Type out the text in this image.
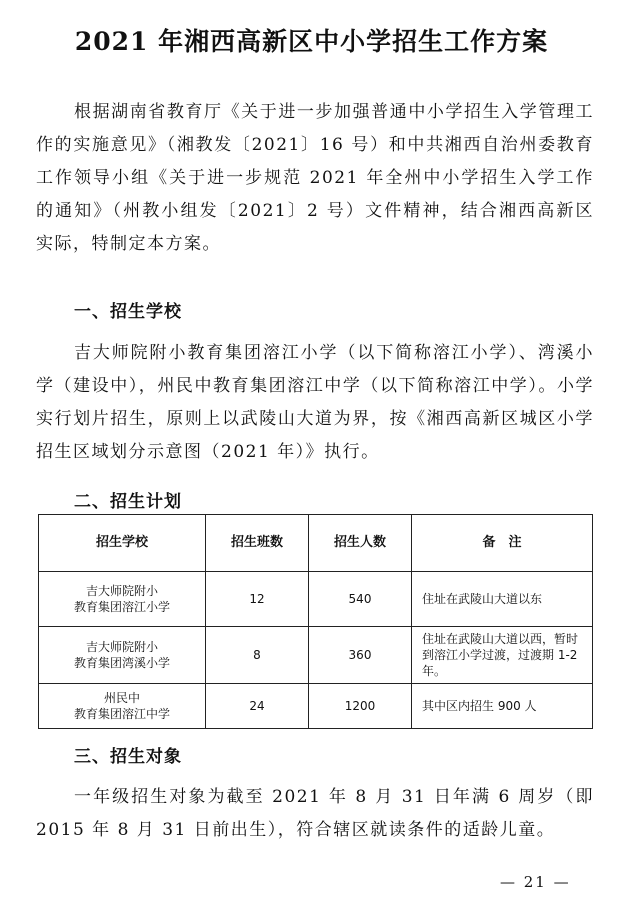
2021 年湘西高新区中小学招生工作方案

根据湖南省教育厅《关于进一步加强普通中小学招生入学管理工作的实施意见》（湘教发〔2021〕16 号）和中共湘西自治州委教育工作领导小组《关于进一步规范 2021 年全州中小学招生入学工作的通知》（州教小组发〔2021〕2 号）文件精神，结合湘西高新区实际，特制定本方案。

一、招生学校

吉大师院附小教育集团溶江小学（以下简称溶江小学）、湾溪小学（建设中），州民中教育集团溶江中学（以下简称溶江中学）。小学实行划片招生，原则上以武陵山大道为界，按《湘西高新区城区小学招生区域划分示意图（2021 年）》执行。

二、招生计划
招生学校	招生班数	招生人数	备　注

吉大师院附小
教育集团溶江小学	12	540	住址在武陵山大道以东

吉大师院附小
教育集团湾溪小学	8	360	住址在武陵山大道以西，暂时到溶江小学过渡，过渡期 1-2 年。

州民中
教育集团溶江中学	24	1200	其中区内招生 900 人
三、招生对象

一年级招生对象为截至 2021 年 8 月 31 日年满 6 周岁（即 2015 年 8 月 31 日前出生），符合辖区就读条件的适龄儿童。

— 21 —
